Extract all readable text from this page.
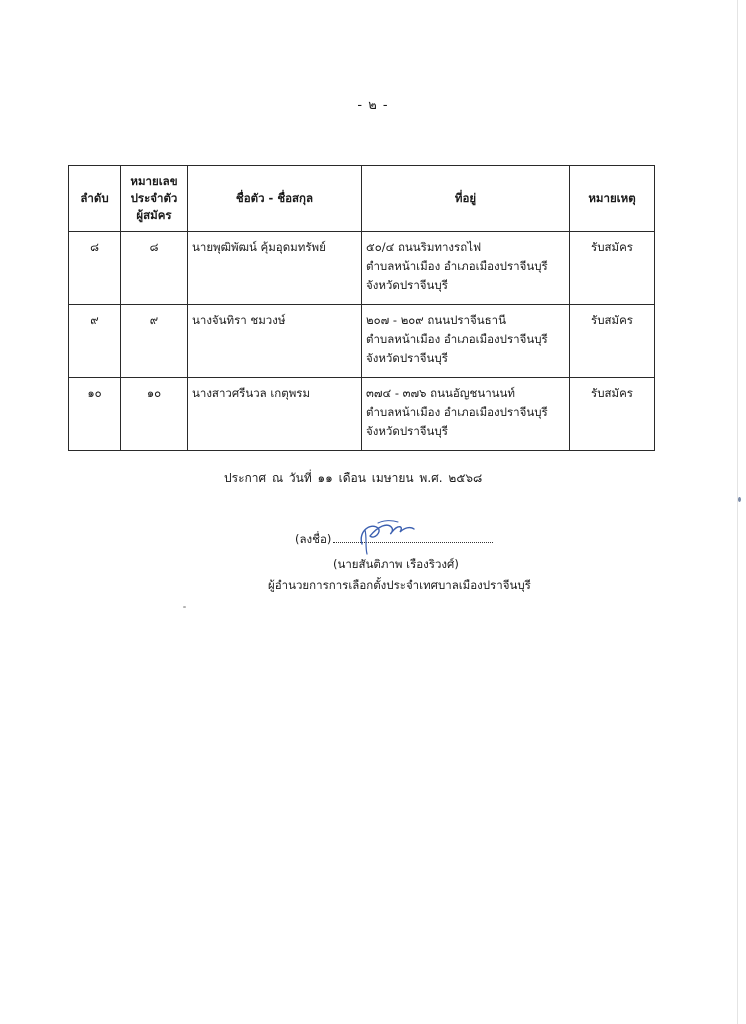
- ๒ -
ลำดับ	หมายเลข
ประจำตัว
ผู้สมัคร	ชื่อตัว - ชื่อสกุล	ที่อยู่	หมายเหตุ
๘	๘	นายพุฒิพัฒน์ คุ้มอุดมทรัพย์	๕๐/๔ ถนนริมทางรถไฟ
ตำบลหน้าเมือง อำเภอเมืองปราจีนบุรี
จังหวัดปราจีนบุรี	รับสมัคร
๙	๙	นางจันทิรา ชมวงษ์	๒๐๗ - ๒๐๙ ถนนปราจีนธานี
ตำบลหน้าเมือง อำเภอเมืองปราจีนบุรี
จังหวัดปราจีนบุรี	รับสมัคร
๑๐	๑๐	นางสาวศรีนวล เกตุพรม	๓๗๔ - ๓๗๖ ถนนอัญชนานนท์
ตำบลหน้าเมือง อำเภอเมืองปราจีนบุรี
จังหวัดปราจีนบุรี	รับสมัคร
ประกาศ ณ วันที่ ๑๑ เดือน เมษายน พ.ศ. ๒๕๖๘
(ลงชื่อ)
(นายสันติภาพ เรืองริวงศ์)
ผู้อำนวยการการเลือกตั้งประจำเทศบาลเมืองปราจีนบุรี
